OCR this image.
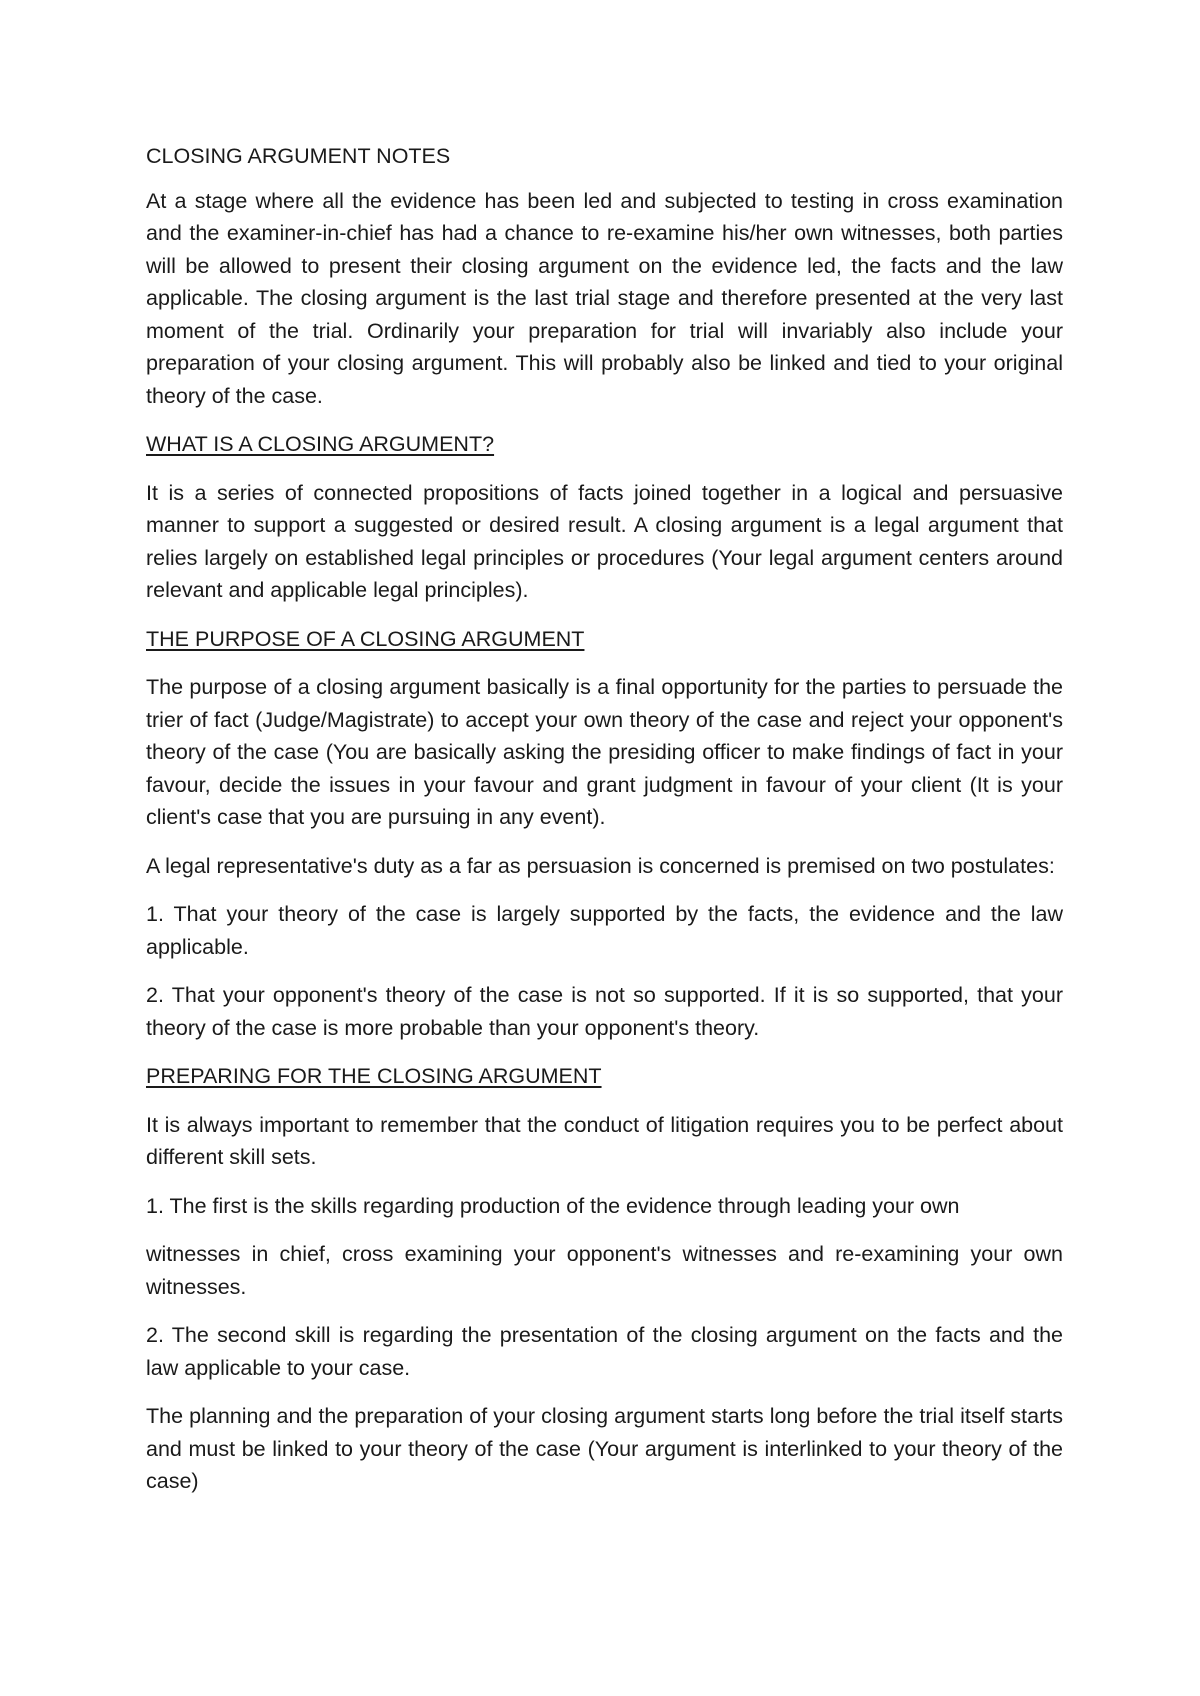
CLOSING ARGUMENT NOTES

At a stage where all the evidence has been led and subjected to testing in cross examination and the examiner-in-chief has had a chance to re-examine his/her own witnesses, both parties will be allowed to present their closing argument on the evidence led, the facts and the law applicable. The closing argument is the last trial stage and therefore presented at the very last moment of the trial. Ordinarily your preparation for trial will invariably also include your preparation of your closing argument. This will probably also be linked and tied to your original theory of the case.

WHAT IS A CLOSING ARGUMENT?

It is a series of connected propositions of facts joined together in a logical and persuasive manner to support a suggested or desired result. A closing argument is a legal argument that relies largely on established legal principles or procedures (Your legal argument centers around relevant and applicable legal principles).

THE PURPOSE OF A CLOSING ARGUMENT

The purpose of a closing argument basically is a final opportunity for the parties to persuade the trier of fact (Judge/Magistrate) to accept your own theory of the case and reject your opponent's theory of the case (You are basically asking the presiding officer to make findings of fact in your favour, decide the issues in your favour and grant judgment in favour of your client (It is your client's case that you are pursuing in any event).

A legal representative's duty as a far as persuasion is concerned is premised on two postulates:

1. That your theory of the case is largely supported by the facts, the evidence and the law applicable.

2. That your opponent's theory of the case is not so supported. If it is so supported, that your theory of the case is more probable than your opponent's theory.

PREPARING FOR THE CLOSING ARGUMENT

It is always important to remember that the conduct of litigation requires you to be perfect about different skill sets.

1. The first is the skills regarding production of the evidence through leading your own

witnesses in chief, cross examining your opponent's witnesses and re-examining your own witnesses.

2. The second skill is regarding the presentation of the closing argument on the facts and the law applicable to your case.

The planning and the preparation of your closing argument starts long before the trial itself starts and must be linked to your theory of the case (Your argument is interlinked to your theory of the case)
